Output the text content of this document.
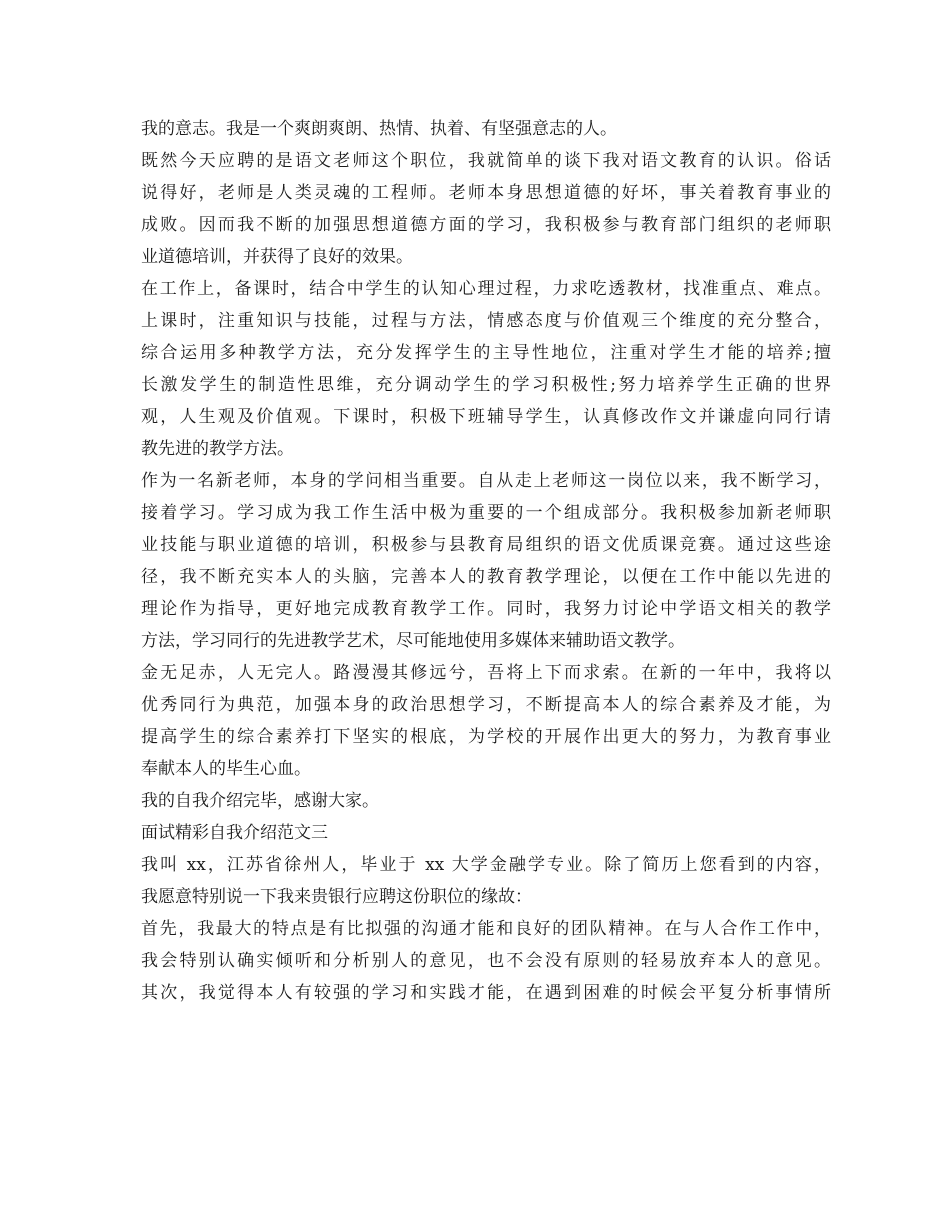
我的意志。我是一个爽朗爽朗、热情、执着、有坚强意志的人。
既然今天应聘的是语文老师这个职位，我就简单的谈下我对语文教育的认识。俗话
说得好，老师是人类灵魂的工程师。老师本身思想道德的好坏，事关着教育事业的
成败。因而我不断的加强思想道德方面的学习，我积极参与教育部门组织的老师职
业道德培训，并获得了良好的效果。
在工作上，备课时，结合中学生的认知心理过程，力求吃透教材，找准重点、难点。
上课时，注重知识与技能，过程与方法，情感态度与价值观三个维度的充分整合，
综合运用多种教学方法，充分发挥学生的主导性地位，注重对学生才能的培养;擅
长激发学生的制造性思维，充分调动学生的学习积极性;努力培养学生正确的世界
观，人生观及价值观。下课时，积极下班辅导学生，认真修改作文并谦虚向同行请
教先进的教学方法。
作为一名新老师，本身的学问相当重要。自从走上老师这一岗位以来，我不断学习，
接着学习。学习成为我工作生活中极为重要的一个组成部分。我积极参加新老师职
业技能与职业道德的培训，积极参与县教育局组织的语文优质课竞赛。通过这些途
径，我不断充实本人的头脑，完善本人的教育教学理论，以便在工作中能以先进的
理论作为指导，更好地完成教育教学工作。同时，我努力讨论中学语文相关的教学
方法，学习同行的先进教学艺术，尽可能地使用多媒体来辅助语文教学。
金无足赤，人无完人。路漫漫其修远兮，吾将上下而求索。在新的一年中，我将以
优秀同行为典范，加强本身的政治思想学习，不断提高本人的综合素养及才能，为
提高学生的综合素养打下坚实的根底，为学校的开展作出更大的努力，为教育事业
奉献本人的毕生心血。
我的自我介绍完毕，感谢大家。
面试精彩自我介绍范文三
我叫 xx，江苏省徐州人，毕业于 xx 大学金融学专业。除了简历上您看到的内容，
我愿意特别说一下我来贵银行应聘这份职位的缘故：
首先，我最大的特点是有比拟强的沟通才能和良好的团队精神。在与人合作工作中，
我会特别认确实倾听和分析别人的意见，也不会没有原则的轻易放弃本人的意见。
其次，我觉得本人有较强的学习和实践才能，在遇到困难的时候会平复分析事情所
